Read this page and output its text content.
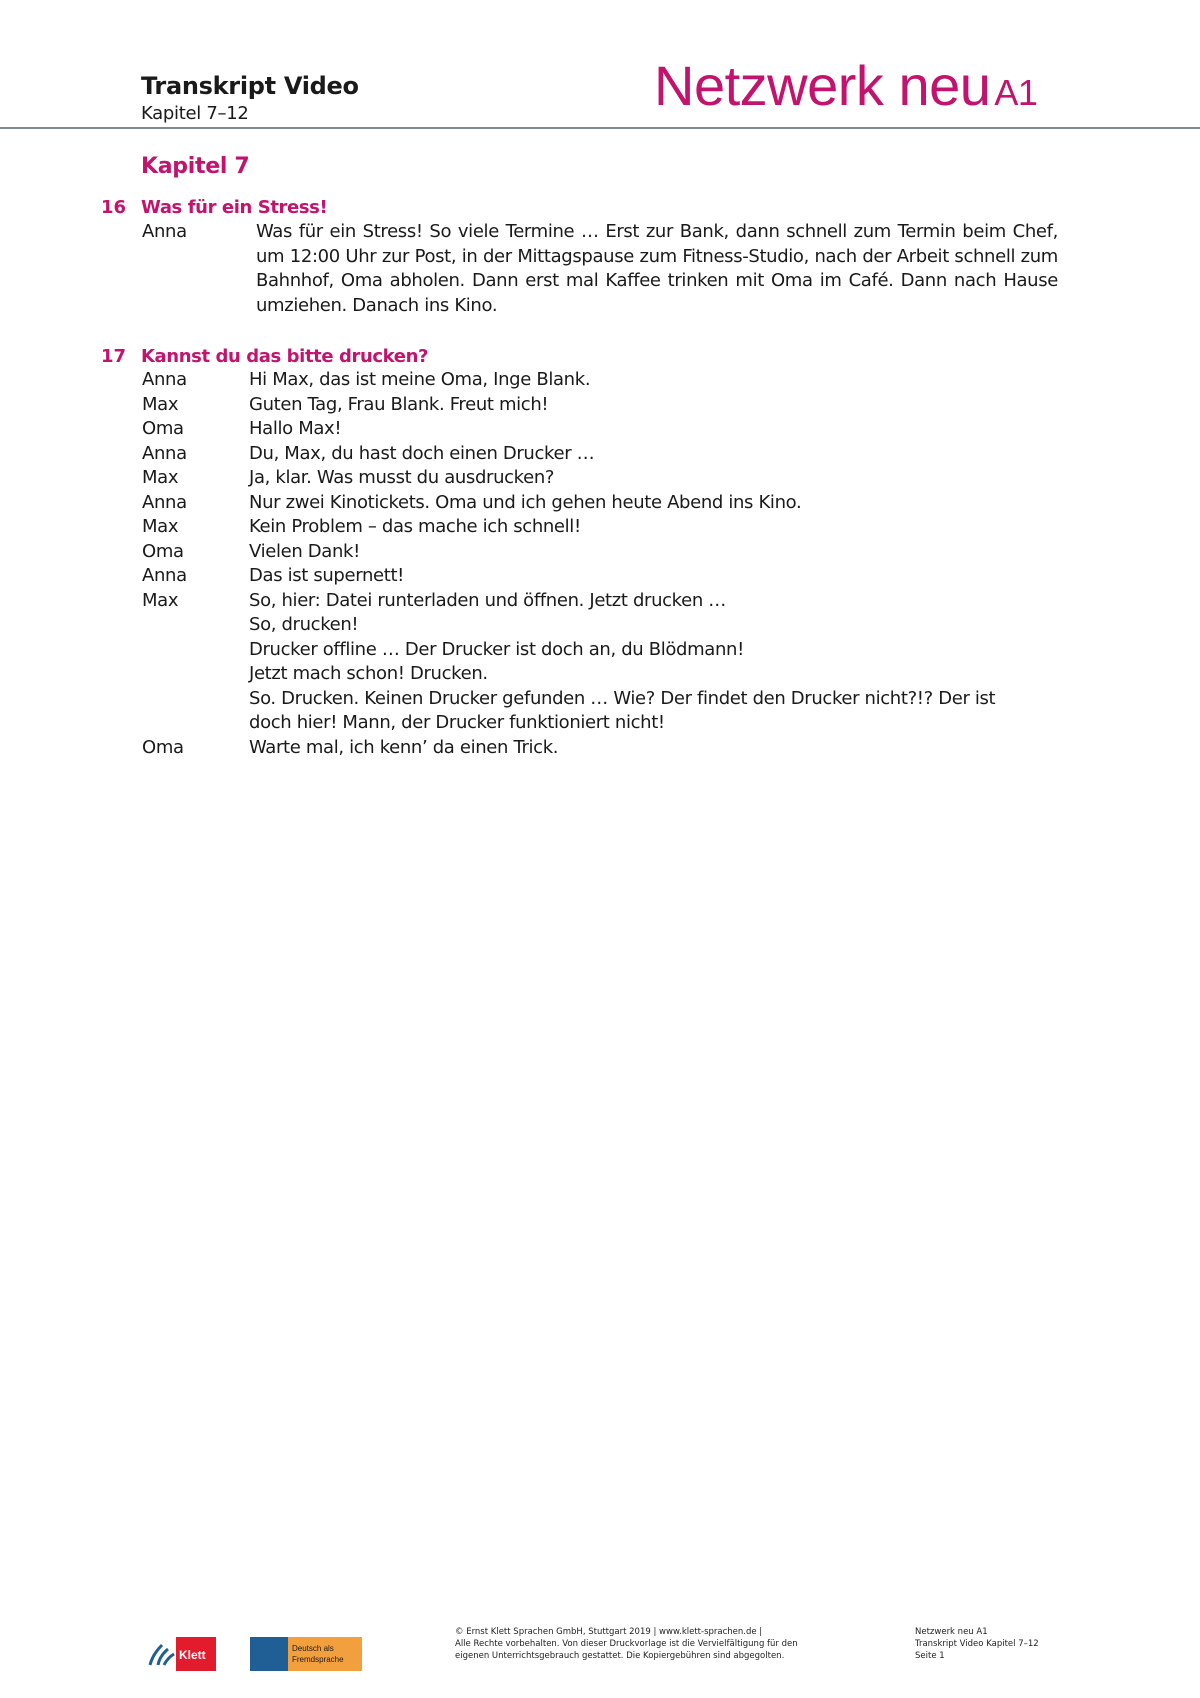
Transkript Video
Kapitel 7–12	Netzwerk neu A1
Kapitel 7
16 Was für ein Stress!
Anna	Was für ein Stress! So viele Termine … Erst zur Bank, dann schnell zum Termin beim Chef, um 12:00 Uhr zur Post, in der Mittagspause zum Fitness-Studio, nach der Arbeit schnell zum Bahnhof, Oma abholen. Dann erst mal Kaffee trinken mit Oma im Café. Dann nach Hause umziehen. Danach ins Kino.
17 Kannst du das bitte drucken?
Anna	Hi Max, das ist meine Oma, Inge Blank.
Max	Guten Tag, Frau Blank. Freut mich!
Oma	Hallo Max!
Anna	Du, Max, du hast doch einen Drucker …
Max	Ja, klar. Was musst du ausdrucken?
Anna	Nur zwei Kinotickets. Oma und ich gehen heute Abend ins Kino.
Max	Kein Problem – das mache ich schnell!
Oma	Vielen Dank!
Anna	Das ist supernett!
Max	So, hier: Datei runterladen und öffnen. Jetzt drucken …
So, drucken!
Drucker offline … Der Drucker ist doch an, du Blödmann!
Jetzt mach schon! Drucken.
So. Drucken. Keinen Drucker gefunden … Wie? Der findet den Drucker nicht?!? Der ist
doch hier! Mann, der Drucker funktioniert nicht!
Oma	Warte mal, ich kenn’ da einen Trick.
Klett	Deutsch als
Fremdsprache
© Ernst Klett Sprachen GmbH, Stuttgart 2019 | www.klett-sprachen.de |
Alle Rechte vorbehalten. Von dieser Druckvorlage ist die Vervielfältigung für den
eigenen Unterrichtsgebrauch gestattet. Die Kopiergebühren sind abgegolten.
Netzwerk neu A1
Transkript Video Kapitel 7–12
Seite 1
